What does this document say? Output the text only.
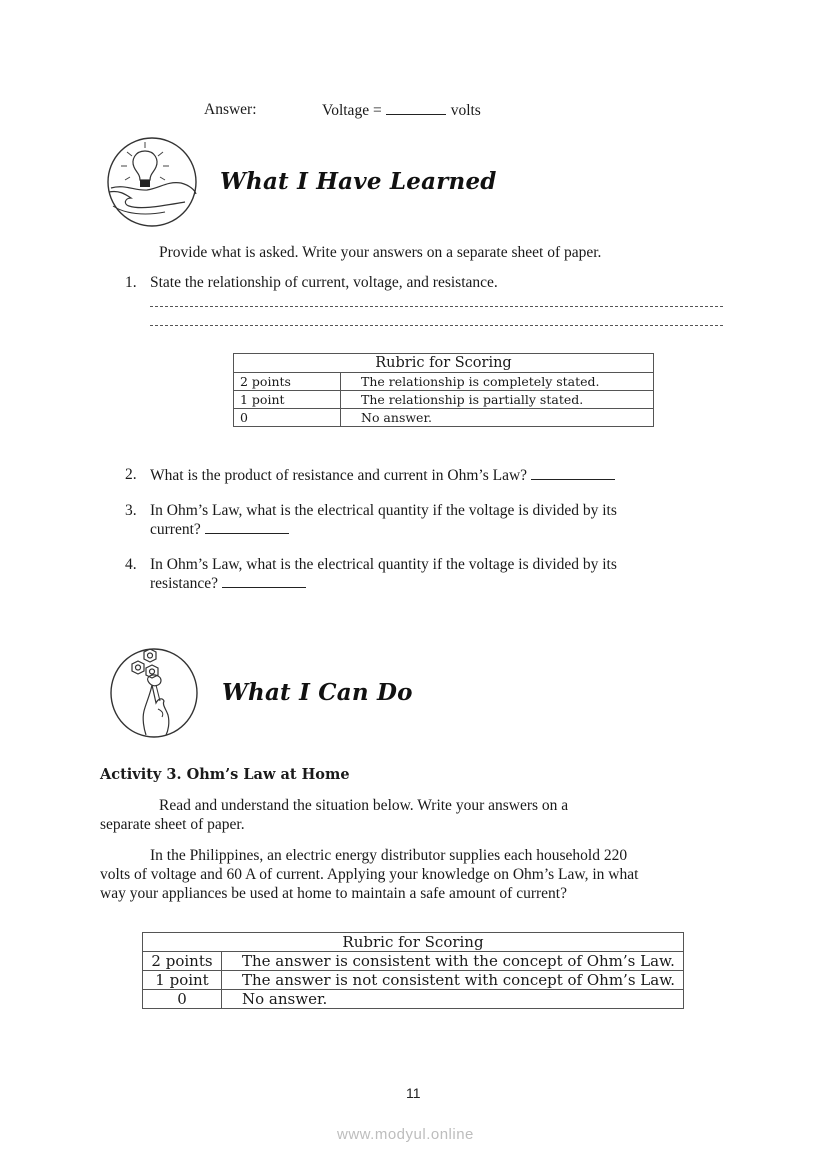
Answer:	Voltage =	volts
What I Have Learned
Provide what is asked. Write your answers on a separate sheet of paper.
1. State the relationship of current, voltage, and resistance.
Rubric for Scoring	
2 points	The relationship is completely stated.
1 point	The relationship is partially stated.
0	No answer.
2. What is the product of resistance and current in Ohm’s Law?
3. In Ohm’s Law, what is the electrical quantity if the voltage is divided by its
current?
4. In Ohm’s Law, what is the electrical quantity if the voltage is divided by its
resistance?
What I Can Do
Activity 3. Ohm’s Law at Home
Read and understand the situation below. Write your answers on a
separate sheet of paper.
In the Philippines, an electric energy distributor supplies each household 220
volts of voltage and 60 A of current. Applying your knowledge on Ohm’s Law, in what
way your appliances be used at home to maintain a safe amount of current?
Rubric for Scoring	
2 points	The answer is consistent with the concept of Ohm’s Law.
1 point	The answer is not consistent with concept of Ohm’s Law.
0	No answer.
11
www.modyul.online
